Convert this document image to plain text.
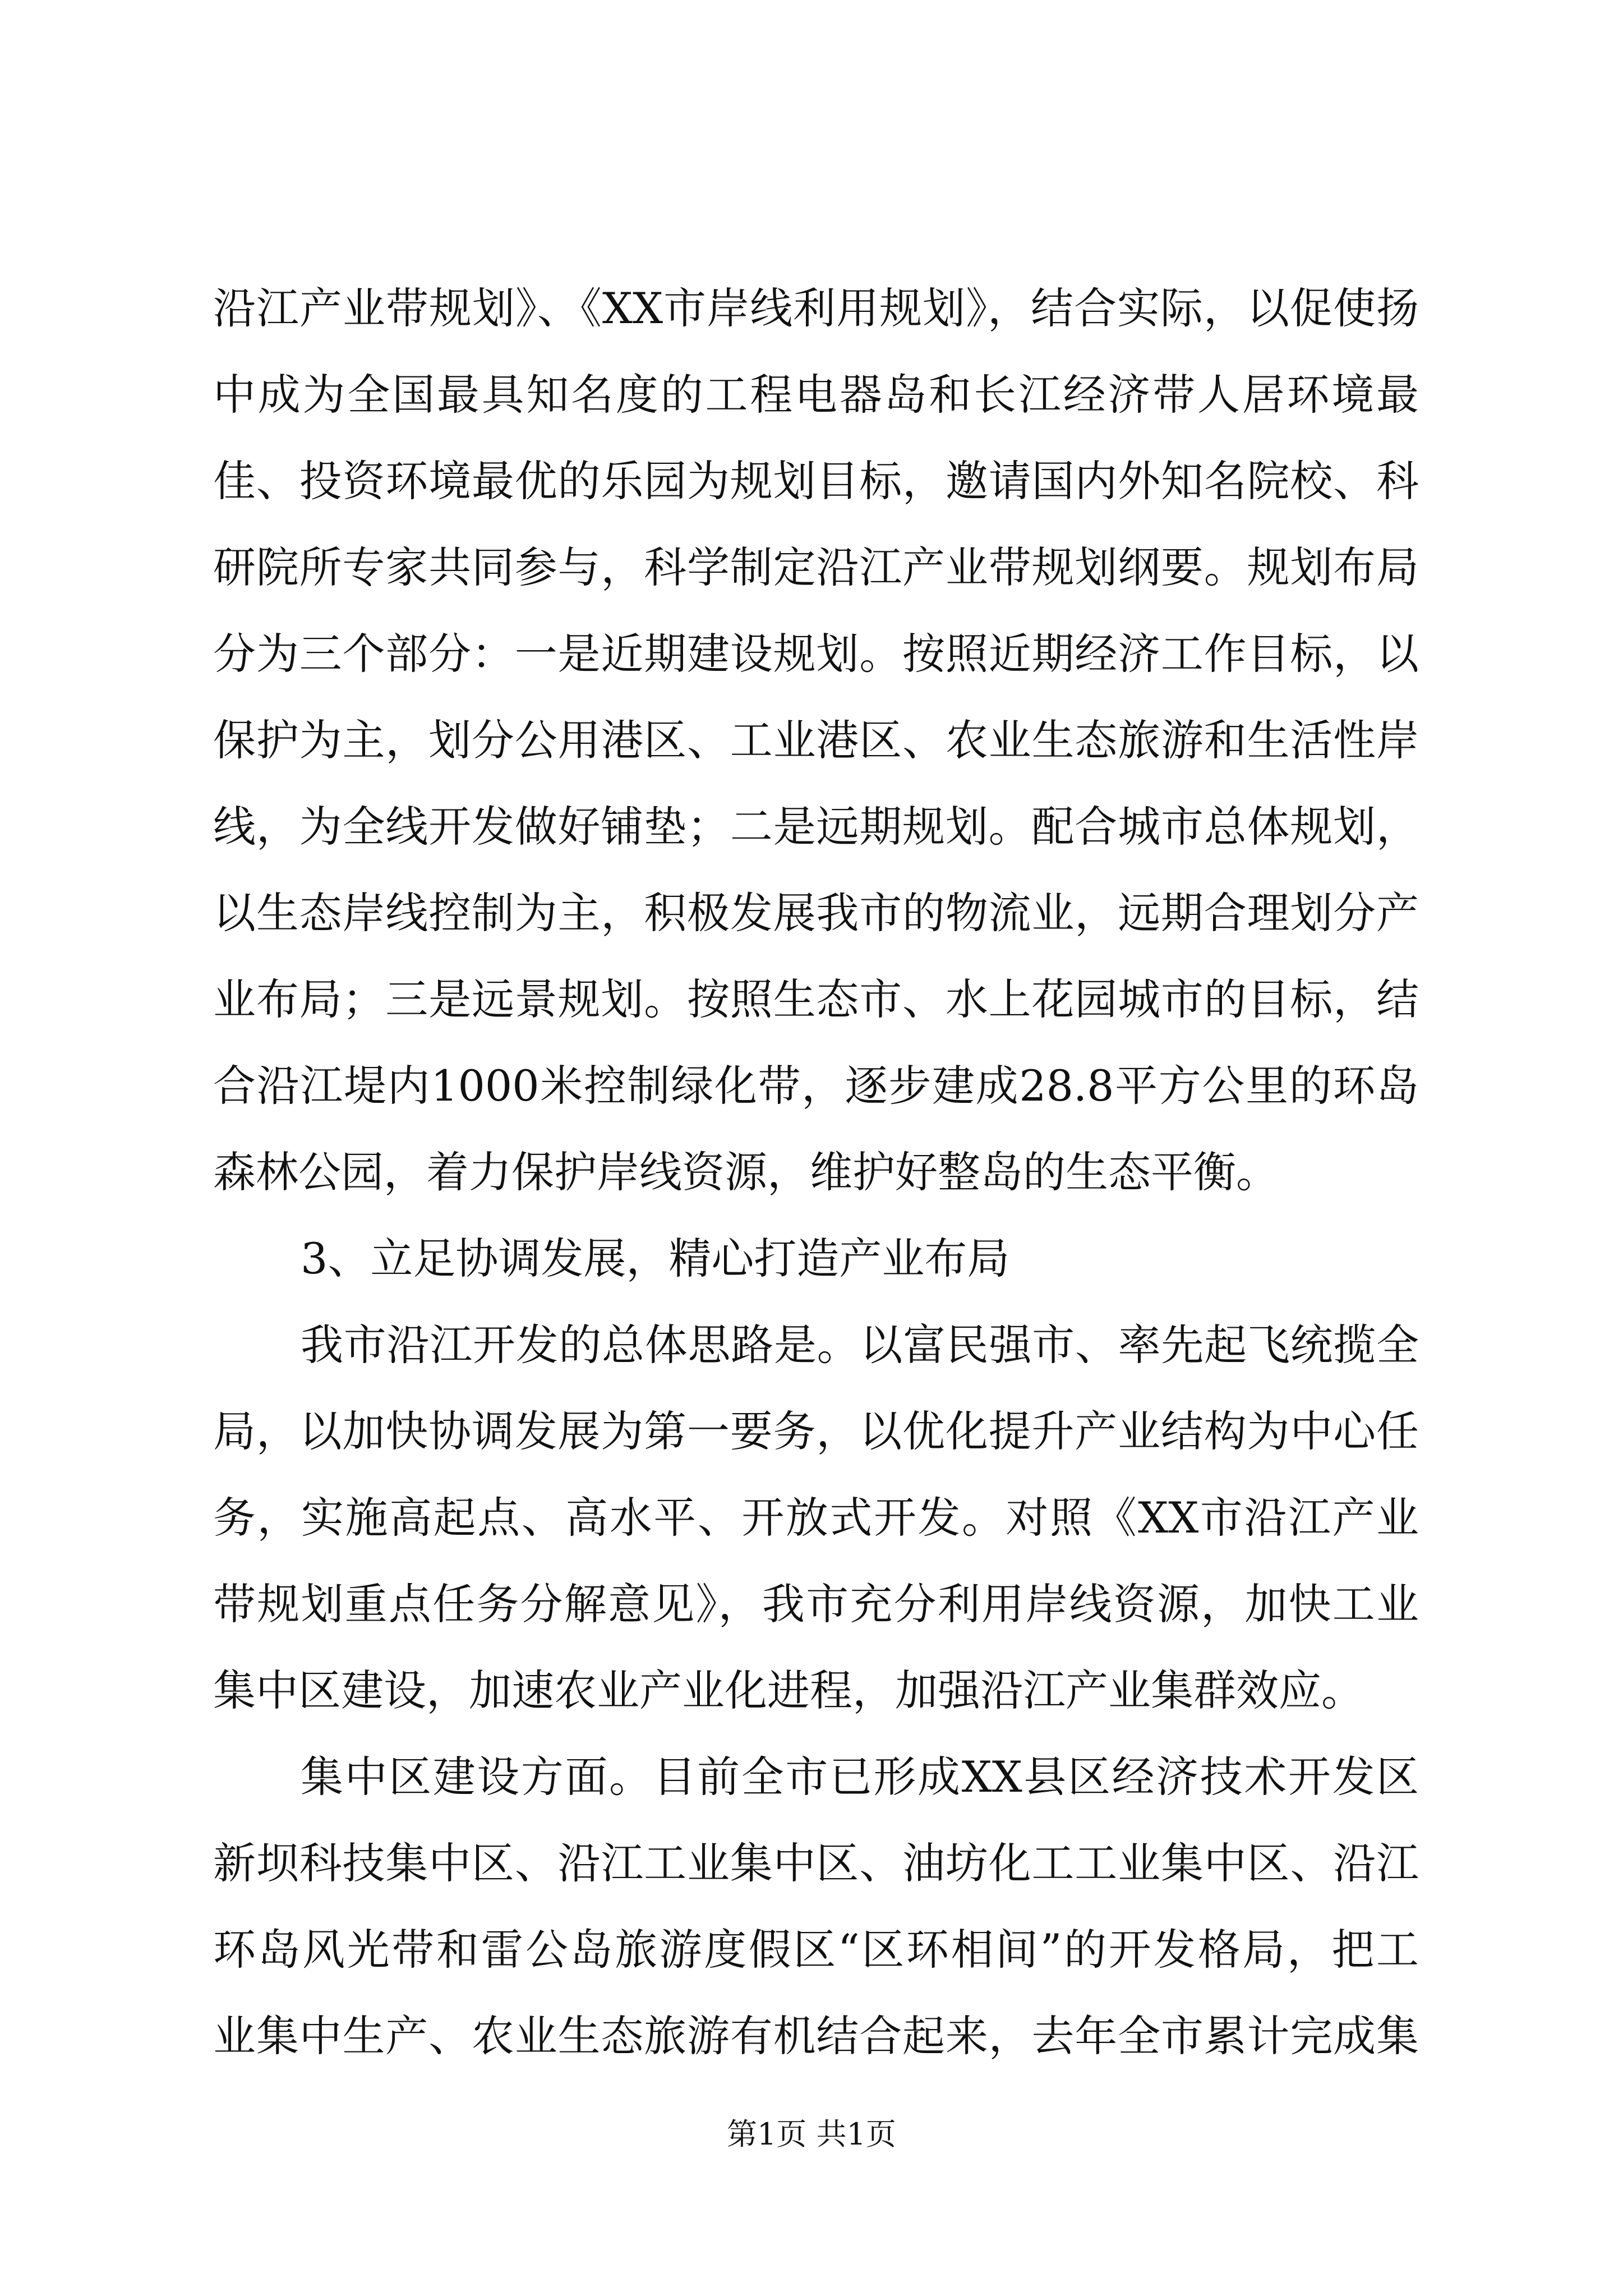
沿江产业带规划》、《XX市岸线利用规划》，结合实际，以促使扬
中成为全国最具知名度的工程电器岛和长江经济带人居环境最
佳、投资环境最优的乐园为规划目标，邀请国内外知名院校、科
研院所专家共同参与，科学制定沿江产业带规划纲要。规划布局
分为三个部分：一是近期建设规划。按照近期经济工作目标，以
保护为主，划分公用港区、工业港区、农业生态旅游和生活性岸
线，为全线开发做好铺垫；二是远期规划。配合城市总体规划，
以生态岸线控制为主，积极发展我市的物流业，远期合理划分产
业布局；三是远景规划。按照生态市、水上花园城市的目标，结
合沿江堤内1000米控制绿化带，逐步建成28.8平方公里的环岛
森林公园，着力保护岸线资源，维护好整岛的生态平衡。
3、立足协调发展，精心打造产业布局
我市沿江开发的总体思路是。以富民强市、率先起飞统揽全
局，以加快协调发展为第一要务，以优化提升产业结构为中心任
务，实施高起点、高水平、开放式开发。对照《XX市沿江产业
带规划重点任务分解意见》，我市充分利用岸线资源，加快工业
集中区建设，加速农业产业化进程，加强沿江产业集群效应。
集中区建设方面。目前全市已形成XX县区经济技术开发区
新坝科技集中区、沿江工业集中区、油坊化工工业集中区、沿江
环岛风光带和雷公岛旅游度假区“区环相间”的开发格局，把工
业集中生产、农业生态旅游有机结合起来，去年全市累计完成集
第1页 共1页
